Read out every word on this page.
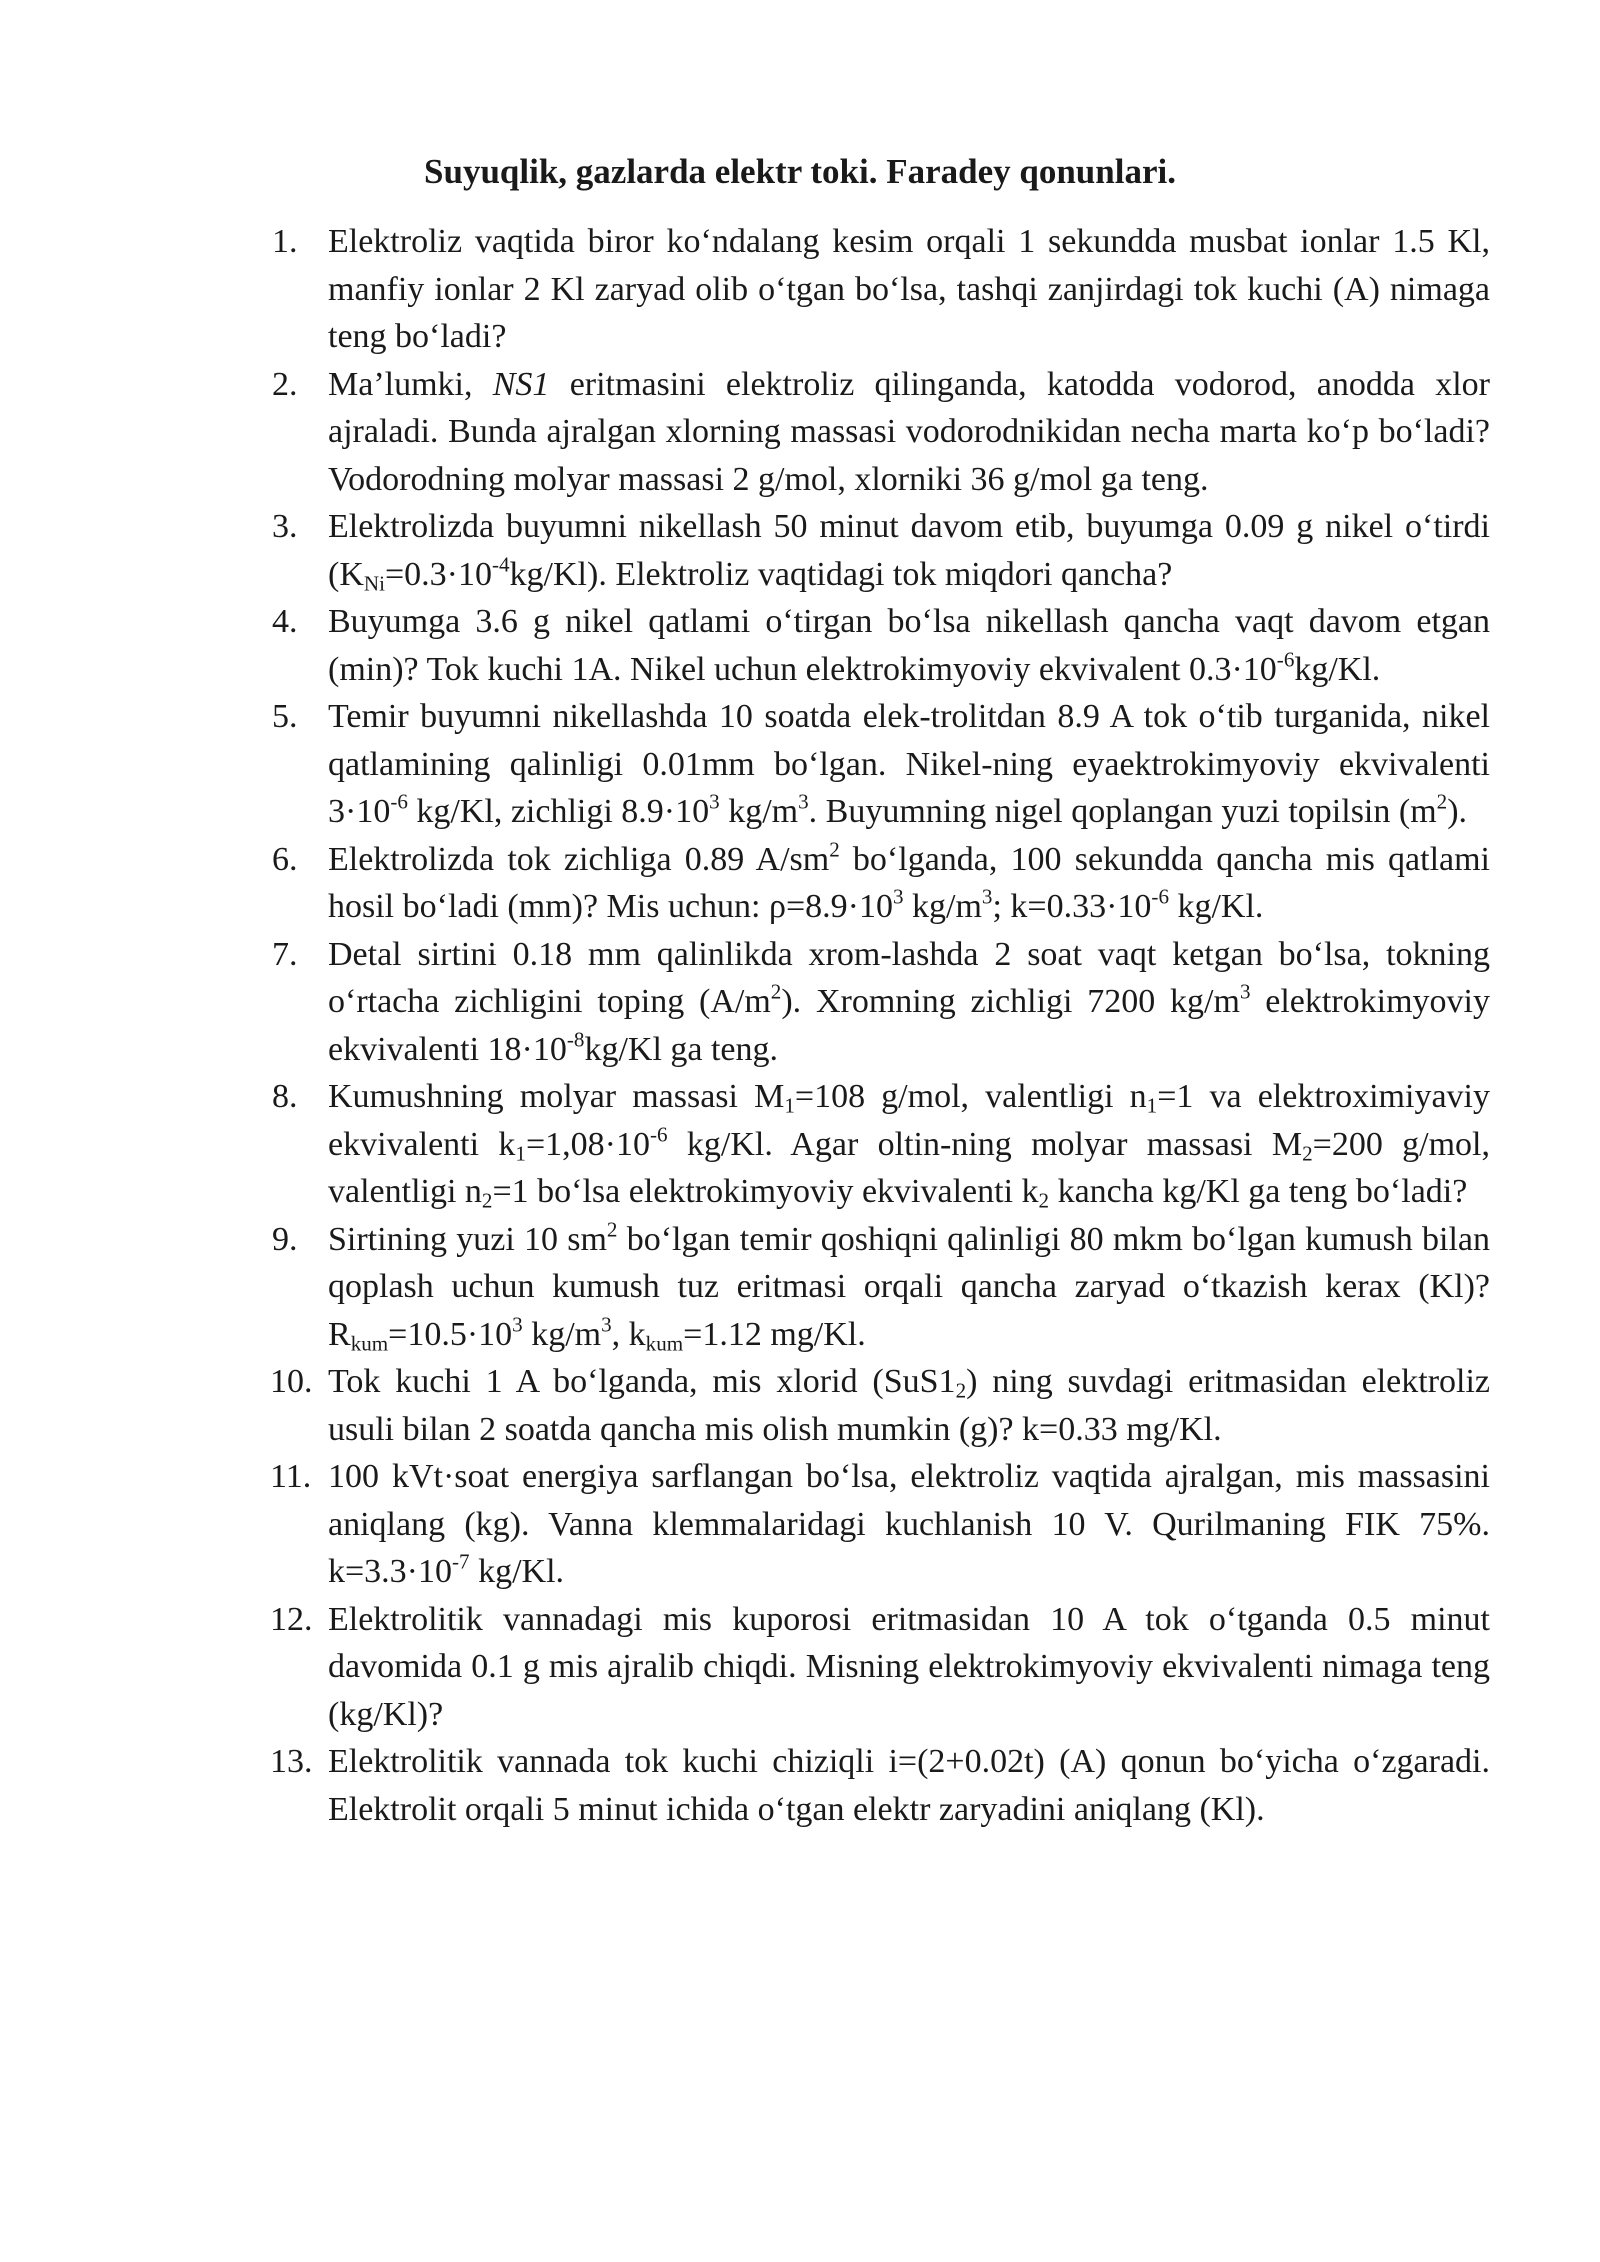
Suyuqlik, gazlarda elektr toki. Faradey qonunlari.
1. Elektroliz vaqtida biror ko‘ndalang kesim orqali 1 sekundda musbat ionlar 1.5 Kl, manfiy ionlar 2 Kl zaryad olib o‘tgan bo‘lsa, tashqi zanjirdagi tok kuchi (A) nimaga teng bo‘ladi?
2. Ma’lumki, NS1 eritmasini elektroliz qilinganda, katodda vodorod, anodda xlor ajraladi. Bunda ajralgan xlorning massasi vodorodnikidan necha marta ko‘p bo‘ladi? Vodorodning molyar massasi 2 g/mol, xlorniki 36 g/mol ga teng.
3. Elektrolizda buyumni nikellash 50 minut davom etib, buyumga 0.09 g nikel o‘tirdi $(K_{Ni}=0.3\cdot 10^{-4}kg/Kl)$. Elektroliz vaqtidagi tok miqdori qancha?
4. Buyumga 3.6 g nikel qatlami o‘tirgan bo‘lsa nikellash qancha vaqt davom etgan (min)? Tok kuchi 1A. Nikel uchun elektrokimyoviy ekvivalent $0.3\cdot 10^{-6}kg/Kl$.
5. Temir buyumni nikellashda 10 soatda elek-trolitdan 8.9 A tok o‘tib turganida, nikel qatlamining qalinligi 0.01mm bo‘lgan. Nikel-ning eyaektrokimyoviy ekvivalenti $3\cdot 10^{-6}$ kg/Kl, zichligi $8.9\cdot 10^3$ $kg/m^3$. Buyumning nigel qoplangan yuzi topilsin $(m^2)$.
6. Elektrolizda tok zichliga 0.89 $A/sm^2$ bo‘lganda, 100 sekundda qancha mis qatlami hosil bo‘ladi (mm)? Mis uchun: $\rho=8.9\cdot 10^3$ $kg/m^3$; $k=0.33\cdot 10^{-6}$ kg/Kl.
7. Detal sirtini 0.18 mm qalinlikda xrom-lashda 2 soat vaqt ketgan bo‘lsa, tokning o‘rtacha zichligini toping $(A/m^2)$. Xromning zichligi 7200 $kg/m^3$ elektrokimyoviy ekvivalenti $18\cdot 10^{-8}kg/Kl$ ga teng.
8. Kumushning molyar massasi $M_1=108$ g/mol, valentligi $n_1=1$ va elektroximiyaviy ekvivalenti $k_1=1,08\cdot 10^{-6}$ kg/Kl. Agar oltin-ning molyar massasi $M_2=200$ g/mol, valentligi $n_2=1$ bo‘lsa elektrokimyoviy ekvivalenti $k_2$ kancha kg/Kl ga teng bo‘ladi?
9. Sirtining yuzi 10 $sm^2$ bo‘lgan temir qoshiqni qalinligi 80 mkm bo‘lgan kumush bilan qoplash uchun kumush tuz eritmasi orqali qancha zaryad o‘tkazish kerax (Kl)? $R_{kum}=10.5\cdot 10^3$ $kg/m^3$, $k_{kum}=1.12$ mg/Kl.
10. Tok kuchi 1 A bo‘lganda, mis xlorid $(SuS1_2)$ ning suvdagi eritmasidan elektroliz usuli bilan 2 soatda qancha mis olish mumkin (g)? k=0.33 mg/Kl.
11. 100 kVt·soat energiya sarflangan bo‘lsa, elektroliz vaqtida ajralgan, mis massasini aniqlang (kg). Vanna klemmalaridagi kuchlanish 10 V. Qurilmaning FIK 75%. $k=3.3\cdot 10^{-7}$ kg/Kl.
12. Elektrolitik vannadagi mis kuporosi eritmasidan 10 A tok o‘tganda 0.5 minut davomida 0.1 g mis ajralib chiqdi. Misning elektrokimyoviy ekvivalenti nimaga teng (kg/Kl)?
13. Elektrolitik vannada tok kuchi chiziqli i=(2+0.02t) (A) qonun bo‘yicha o‘zgaradi. Elektrolit orqali 5 minut ichida o‘tgan elektr zaryadini aniqlang (Kl).
